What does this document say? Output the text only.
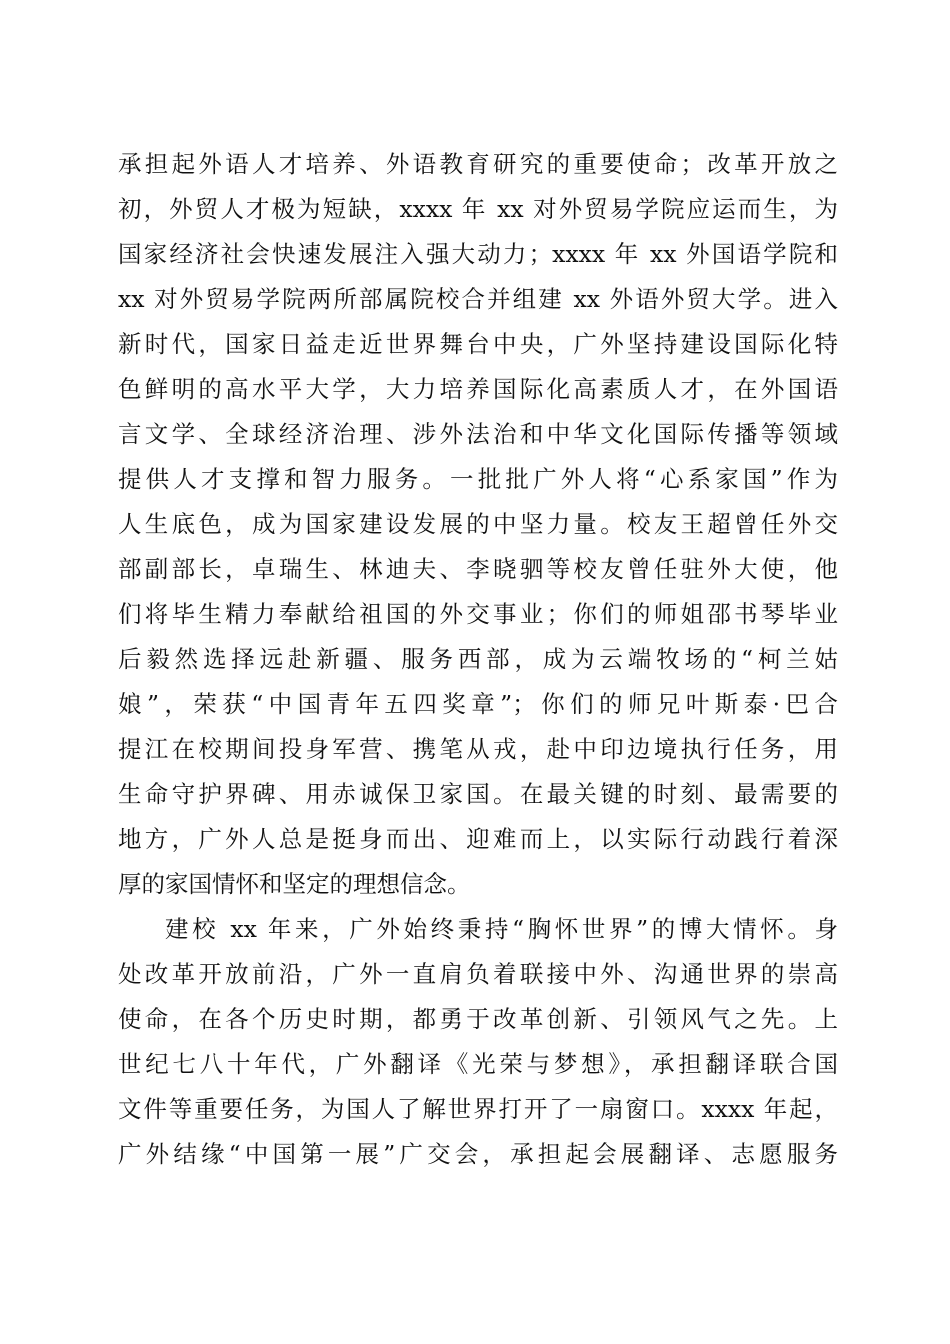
承担起外语人才培养、外语教育研究的重要使命；改革开放之
初，外贸人才极为短缺，xxxx 年 xx 对外贸易学院应运而生，为
国家经济社会快速发展注入强大动力；xxxx 年 xx 外国语学院和
xx 对外贸易学院两所部属院校合并组建 xx 外语外贸大学。进入
新时代，国家日益走近世界舞台中央，广外坚持建设国际化特
色鲜明的高水平大学，大力培养国际化高素质人才，在外国语
言文学、全球经济治理、涉外法治和中华文化国际传播等领域
提供人才支撑和智力服务。一批批广外人将“心系家国”作为
人生底色，成为国家建设发展的中坚力量。校友王超曾任外交
部副部长，卓瑞生、林迪夫、李晓驷等校友曾任驻外大使，他
们将毕生精力奉献给祖国的外交事业；你们的师姐邵书琴毕业
后毅然选择远赴新疆、服务西部，成为云端牧场的“柯兰姑
娘”，荣获“中国青年五四奖章”；你们的师兄叶斯泰·巴合
提江在校期间投身军营、携笔从戎，赴中印边境执行任务，用
生命守护界碑、用赤诚保卫家国。在最关键的时刻、最需要的
地方，广外人总是挺身而出、迎难而上，以实际行动践行着深
厚的家国情怀和坚定的理想信念。
建校 xx 年来，广外始终秉持“胸怀世界”的博大情怀。身
处改革开放前沿，广外一直肩负着联接中外、沟通世界的崇高
使命，在各个历史时期，都勇于改革创新、引领风气之先。上
世纪七八十年代，广外翻译《光荣与梦想》，承担翻译联合国
文件等重要任务，为国人了解世界打开了一扇窗口。xxxx 年起，
广外结缘“中国第一展”广交会，承担起会展翻译、志愿服务
